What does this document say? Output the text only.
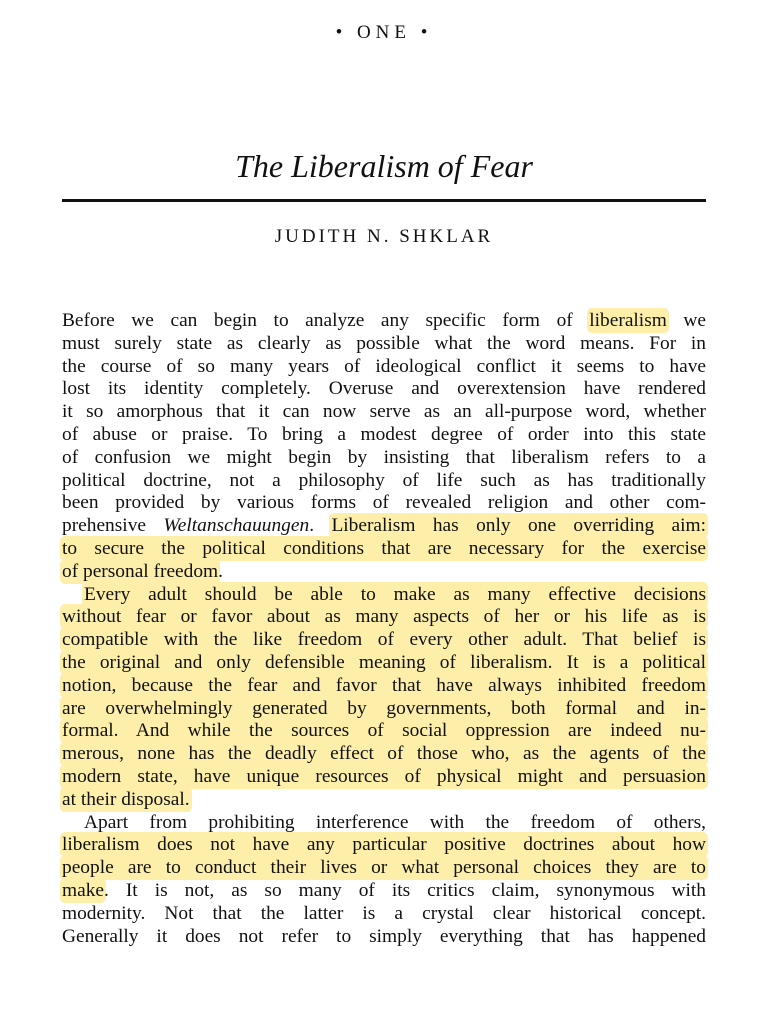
• ONE •
The Liberalism of Fear
JUDITH N. SHKLAR
Before we can begin to analyze any specific form of liberalism we
must surely state as clearly as possible what the word means. For in
the course of so many years of ideological conflict it seems to have
lost its identity completely. Overuse and overextension have rendered
it so amorphous that it can now serve as an all-purpose word, whether
of abuse or praise. To bring a modest degree of order into this state
of confusion we might begin by insisting that liberalism refers to a
political doctrine, not a philosophy of life such as has traditionally
been provided by various forms of revealed religion and other com-
prehensive Weltanschauungen. Liberalism has only one overriding aim:
to secure the political conditions that are necessary for the exercise
of personal freedom.
Every adult should be able to make as many effective decisions
without fear or favor about as many aspects of her or his life as is
compatible with the like freedom of every other adult. That belief is
the original and only defensible meaning of liberalism. It is a political
notion, because the fear and favor that have always inhibited freedom
are overwhelmingly generated by governments, both formal and in-
formal. And while the sources of social oppression are indeed nu-
merous, none has the deadly effect of those who, as the agents of the
modern state, have unique resources of physical might and persuasion
at their disposal.
Apart from prohibiting interference with the freedom of others,
liberalism does not have any particular positive doctrines about how
people are to conduct their lives or what personal choices they are to
make. It is not, as so many of its critics claim, synonymous with
modernity. Not that the latter is a crystal clear historical concept.
Generally it does not refer to simply everything that has happened
